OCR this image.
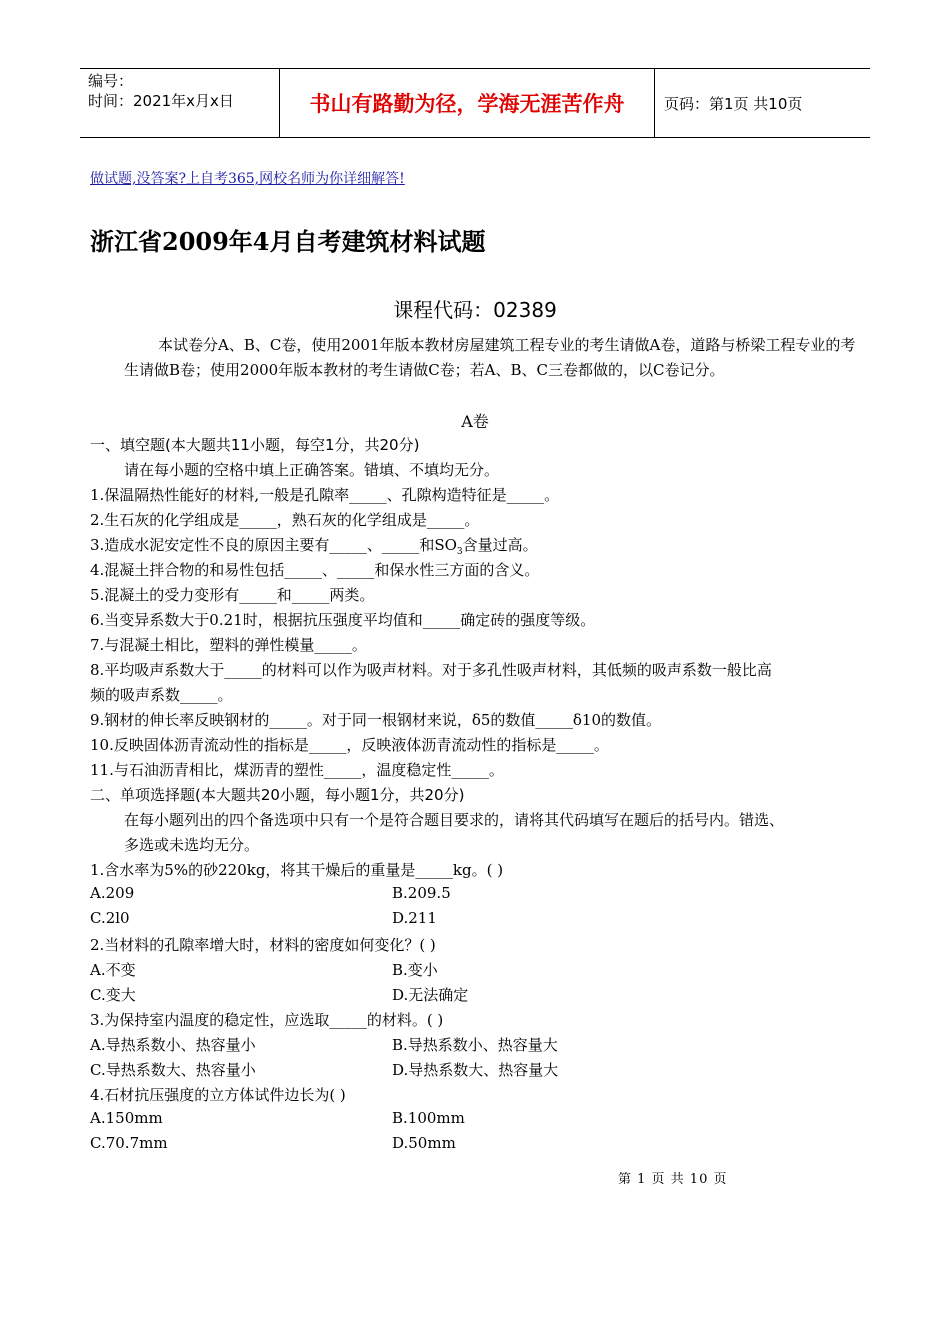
编号：
时间：2021年x月x日	书山有路勤为径，学海无涯苦作舟	页码：第1页 共10页
做试题,没答案?上自考365,网校名师为你详细解答!
浙江省2009年4月自考建筑材料试题
课程代码：02389
本试卷分A、B、C卷，使用2001年版本教材房屋建筑工程专业的考生请做A卷，道路与桥梁工程专业的考生请做B卷；使用2000年版本教材的考生请做C卷；若A、B、C三卷都做的，以C卷记分。
A卷
一、填空题(本大题共11小题，每空1分，共20分)
请在每小题的空格中填上正确答案。错填、不填均无分。
1.保温隔热性能好的材料,一般是孔隙率_____、孔隙构造特征是_____。
2.生石灰的化学组成是_____，熟石灰的化学组成是_____。
3.造成水泥安定性不良的原因主要有_____、_____和$SO_3$含量过高。
4.混凝土拌合物的和易性包括_____、_____和保水性三方面的含义。
5.混凝土的受力变形有_____和_____两类。
6.当变异系数大于0.21时，根据抗压强度平均值和_____确定砖的强度等级。
7.与混凝土相比，塑料的弹性模量_____。
8.平均吸声系数大于_____的材料可以作为吸声材料。对于多孔性吸声材料，其低频的吸声系数一般比高
频的吸声系数_____。
9.钢材的伸长率反映钢材的_____。对于同一根钢材来说，δ5的数值_____δ10的数值。
10.反映固体沥青流动性的指标是_____，反映液体沥青流动性的指标是_____。
11.与石油沥青相比，煤沥青的塑性_____，温度稳定性_____。
二、单项选择题(本大题共20小题，每小题1分，共20分)
在每小题列出的四个备选项中只有一个是符合题目要求的，请将其代码填写在题后的括号内。错选、
多选或未选均无分。
1.含水率为5%的砂220kg，将其干燥后的重量是_____kg。( )
A.209	B.209.5
C.2l0	D.211
2.当材料的孔隙率增大时，材料的密度如何变化？( )
A.不变	B.变小
C.变大	D.无法确定
3.为保持室内温度的稳定性，应选取_____的材料。( )
A.导热系数小、热容量小	B.导热系数小、热容量大
C.导热系数大、热容量小	D.导热系数大、热容量大
4.石材抗压强度的立方体试件边长为( )
A.150mm	B.100mm
C.70.7mm	D.50mm
第 1 页 共 10 页
